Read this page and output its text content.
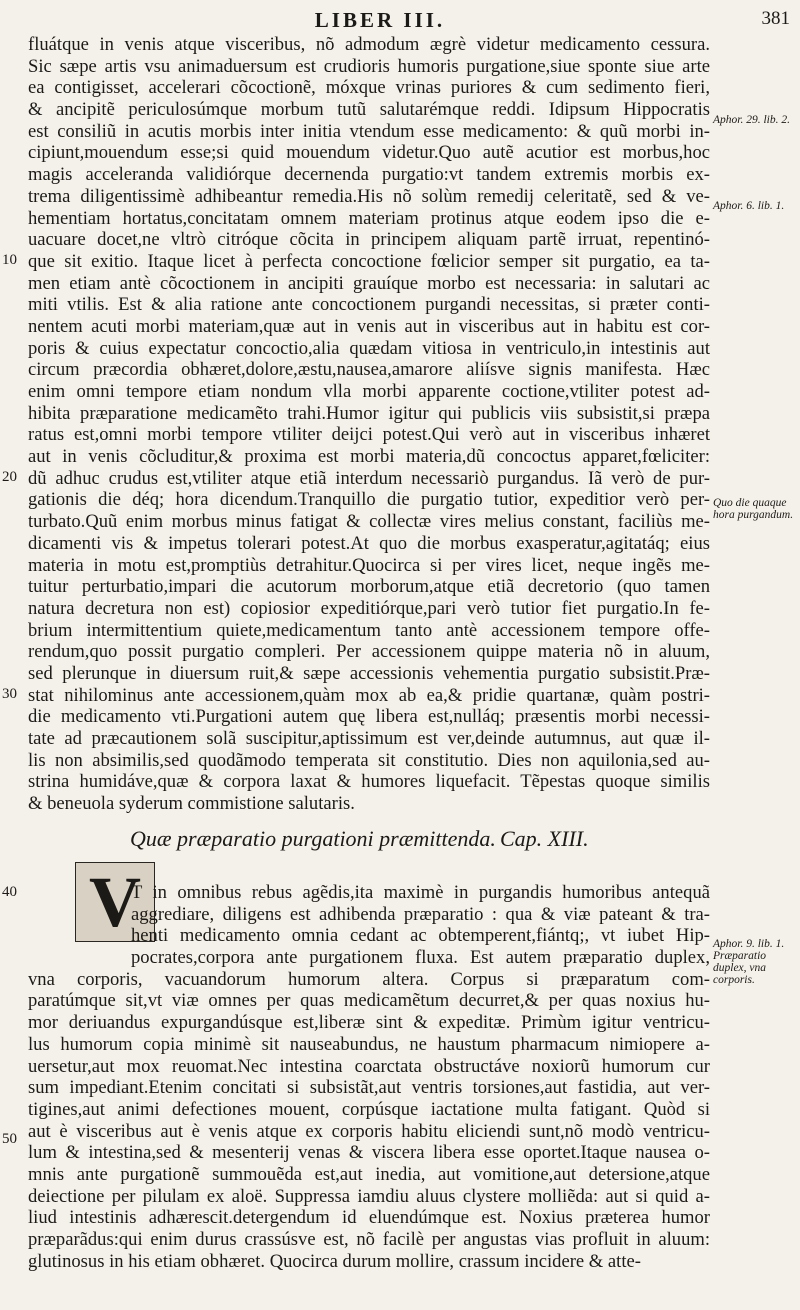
LIBER III.	381
fluátque in venis atque visceribus, nõ admodum ægrè videtur medicamento cessura.
Sic sæpe artis vsu animaduersum est crudioris humoris purgatione,siue sponte siue arte
ea contigisset, accelerari cõcoctionẽ, móxque vrinas puriores & cum sedimento fieri,
& ancipitẽ periculosúmque morbum tutũ salutarémque reddi. Idipsum Hippocratis
est consiliũ in acutis morbis inter initia vtendum esse medicamento: & quũ morbi in-
cipiunt,mouendum esse;si quid mouendum videtur.Quo autẽ acutior est morbus,hoc
magis acceleranda validiórque decernenda purgatio:vt tandem extremis morbis ex-
trema diligentissimè adhibeantur remedia.His nõ solùm remedij celeritatẽ, sed & ve-
hementiam hortatus,concitatam omnem materiam protinus atque eodem ipso die e-
uacuare docet,ne vltrò citróque cõcita in principem aliquam partẽ irruat, repentinó-
que sit exitio. Itaque licet à perfecta concoctione fœlicior semper sit purgatio, ea ta-
men etiam antè cõcoctionem in ancipiti grauíque morbo est necessaria: in salutari ac
miti vtilis. Est & alia ratione ante concoctionem purgandi necessitas, si præter conti-
nentem acuti morbi materiam,quæ aut in venis aut in visceribus aut in habitu est cor-
poris & cuius expectatur concoctio,alia quædam vitiosa in ventriculo,in intestinis aut
circum præcordia obhæret,dolore,æstu,nausea,amarore aliísve signis manifesta. Hæc
enim omni tempore etiam nondum vlla morbi apparente coctione,vtiliter potest ad-
hibita præparatione medicamẽto trahi.Humor igitur qui publicis viis subsistit,si præpa
ratus est,omni morbi tempore vtiliter deijci potest.Qui verò aut in visceribus inhæret
aut in venis cõcluditur,& proxima est morbi materia,dũ concoctus apparet,fœliciter:
dũ adhuc crudus est,vtiliter atque etiã interdum necessariò purgandus. Iã verò de pur-
gationis die déq; hora dicendum.Tranquillo die purgatio tutior, expeditior verò per-
turbato.Quũ enim morbus minus fatigat & collectæ vires melius constant, faciliùs me-
dicamenti vis & impetus tolerari potest.At quo die morbus exasperatur,agitatáq; eius
materia in motu est,promptiùs detrahitur.Quocirca si per vires licet, neque ingẽs me-
tuitur perturbatio,impari die acutorum morborum,atque etiã decretorio (quo tamen
natura decretura non est) copiosior expeditiórque,pari verò tutior fiet purgatio.In fe-
brium intermittentium quiete,medicamentum tanto antè accessionem tempore offe-
rendum,quo possit purgatio compleri. Per accessionem quippe materia nõ in aluum,
sed plerunque in diuersum ruit,& sæpe accessionis vehementia purgatio subsistit.Præ-
stat nihilominus ante accessionem,quàm mox ab ea,& pridie quartanæ, quàm postri-
die medicamento vti.Purgationi autem quę libera est,nulláq; præsentis morbi necessi-
tate ad præcautionem solã suscipitur,aptissimum est ver,deinde autumnus, aut quæ il-
lis non absimilis,sed quodãmodo temperata sit constitutio. Dies non aquilonia,sed au-
strina humidáve,quæ & corpora laxat & humores liquefacit. Tẽpestas quoque similis
& beneuola syderum commistione salutaris.
10
20
30
40
50
Aphor. 29. lib. 2.
Aphor. 6. lib. 1.
Quo die quaque hora purgandum.
Aphor. 9. lib. 1. Præparatio duplex, vna corporis.
Quæ præparatio purgationi præmittenda. Cap. XIII.
V
T in omnibus rebus agẽdis,ita maximè in purgandis humoribus antequã
aggrediare, diligens est adhibenda præparatio : qua & viæ pateant & tra-
henti medicamento omnia cedant ac obtemperent,fiántq;, vt iubet Hip-
pocrates,corpora ante purgationem fluxa. Est autem præparatio duplex,
vna corporis, vacuandorum humorum altera. Corpus si præparatum com-
paratúmque sit,vt viæ omnes per quas medicamẽtum decurret,& per quas noxius hu-
mor deriuandus expurgandúsque est,liberæ sint & expeditæ. Primùm igitur ventricu-
lus humorum copia minimè sit nauseabundus, ne haustum pharmacum nimiopere a-
uersetur,aut mox reuomat.Nec intestina coarctata obstructáve noxiorũ humorum cur
sum impediant.Etenim concitati si subsistãt,aut ventris torsiones,aut fastidia, aut ver-
tigines,aut animi defectiones mouent, corpúsque iactatione multa fatigant. Quòd si
aut è visceribus aut è venis atque ex corporis habitu eliciendi sunt,nõ modò ventricu-
lum & intestina,sed & mesenterij venas & viscera libera esse oportet.Itaque nausea o-
mnis ante purgationẽ summouẽda est,aut inedia, aut vomitione,aut detersione,atque
deiectione per pilulam ex aloë. Suppressa iamdiu aluus clystere molliẽda: aut si quid a-
liud intestinis adhærescit.detergendum id eluendúmque est. Noxius præterea humor
præparãdus:qui enim durus crassúsve est, nõ facilè per angustas vias profluit in aluum:
glutinosus in his etiam obhæret. Quocirca durum mollire, crassum incidere & atte-
